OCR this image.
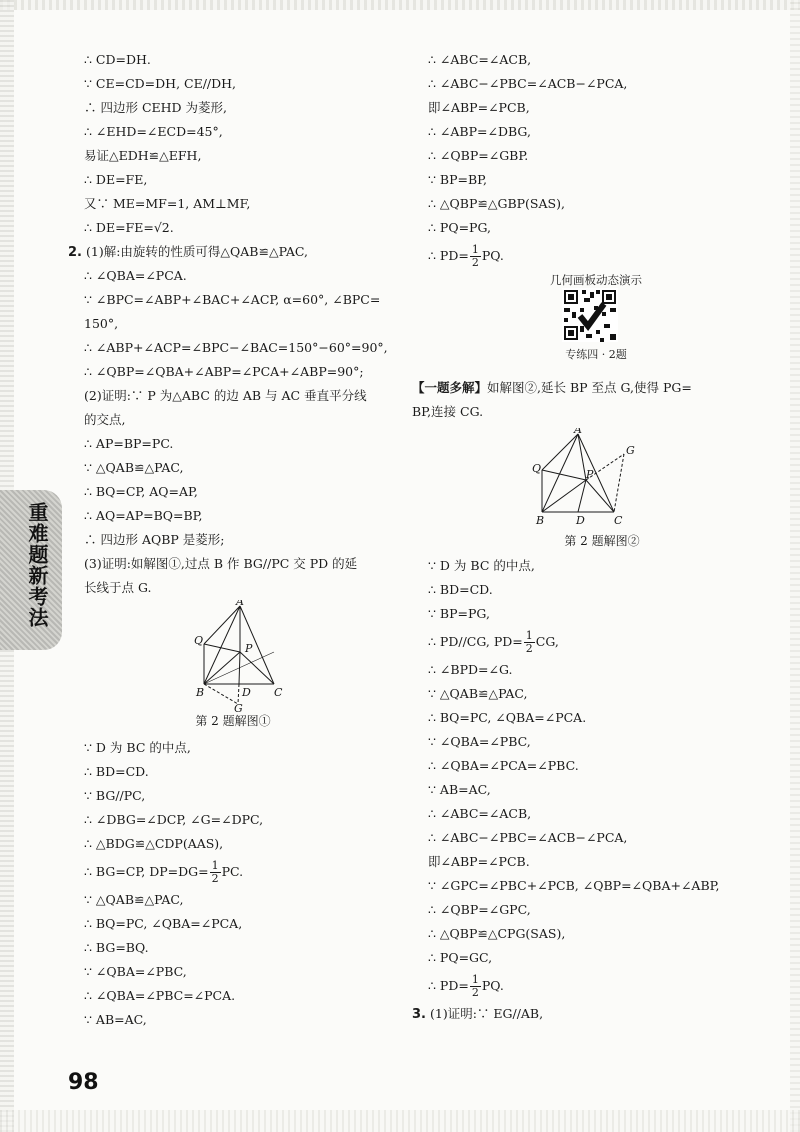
重难题新考法
∴ CD=DH.
∵ CE=CD=DH, CE//DH,
∴ 四边形 CEHD 为菱形,
∴ ∠EHD=∠ECD=45°,
易证△EDH≌△EFH,
∴ DE=FE,
又∵ ME=MF=1, AM⊥MF,
∴ DE=FE=√2.
2. (1)解:由旋转的性质可得△QAB≌△PAC,
∴ ∠QBA=∠PCA.
∵ ∠BPC=∠ABP+∠BAC+∠ACP, α=60°, ∠BPC=
150°,
∴ ∠ABP+∠ACP=∠BPC−∠BAC=150°−60°=90°,
∴ ∠QBP=∠QBA+∠ABP=∠PCA+∠ABP=90°;
(2)证明:∵ P 为△ABC 的边 AB 与 AC 垂直平分线
的交点,
∴ AP=BP=PC.
∵ △QAB≌△PAC,
∴ BQ=CP, AQ=AP,
∴ AQ=AP=BQ=BP,
∴ 四边形 AQBP 是菱形;
(3)证明:如解图①,过点 B 作 BG//PC 交 PD 的延
长线于点 G.
A
Q
P
B	D C
G
第 2 题解图①
∵ D 为 BC 的中点,
∴ BD=CD.
∵ BG//PC,
∴ ∠DBG=∠DCP, ∠G=∠DPC,
∴ △BDG≌△CDP(AAS),
∴ BG=CP, $DP=DG= \frac{1}{2}$ PC.
∵ △QAB≌△PAC,
∴ BQ=PC, ∠QBA=∠PCA,
∴ BG=BQ.
∵ ∠QBA=∠PBC,
∴ ∠QBA=∠PBC=∠PCA.
∵ AB=AC,
∴ ∠ABC=∠ACB,
∴ ∠ABC−∠PBC=∠ACB−∠PCA,
即∠ABP=∠PCB,
∴ ∠ABP=∠DBG,
∴ ∠QBP=∠GBP.
∵ BP=BP,
∴ △QBP≌△GBP(SAS),
∴ PQ=PG,
∴ $PD= \frac{1}{2}$ PQ.
几何画板动态演示
专练四 · 2题
【一题多解】如解图②,延长 BP 至点 G,使得 PG=
BP,连接 CG.
A
Q	P
G
B	D	C
第 2 题解图②
∵ D 为 BC 的中点,
∴ BD=CD.
∵ BP=PG,
∴ PD//CG, $PD= \frac{1}{2}$ CG,
∴ ∠BPD=∠G.
∵ △QAB≌△PAC,
∴ BQ=PC, ∠QBA=∠PCA.
∵ ∠QBA=∠PBC,
∴ ∠QBA=∠PCA=∠PBC.
∵ AB=AC,
∴ ∠ABC=∠ACB,
∴ ∠ABC−∠PBC=∠ACB−∠PCA,
即∠ABP=∠PCB.
∵ ∠GPC=∠PBC+∠PCB, ∠QBP=∠QBA+∠ABP,
∴ ∠QBP=∠GPC,
∴ △QBP≌△CPG(SAS),
∴ PQ=GC,
∴ $PD= \frac{1}{2}$ PQ.
3. (1)证明:∵ EG//AB,
98
